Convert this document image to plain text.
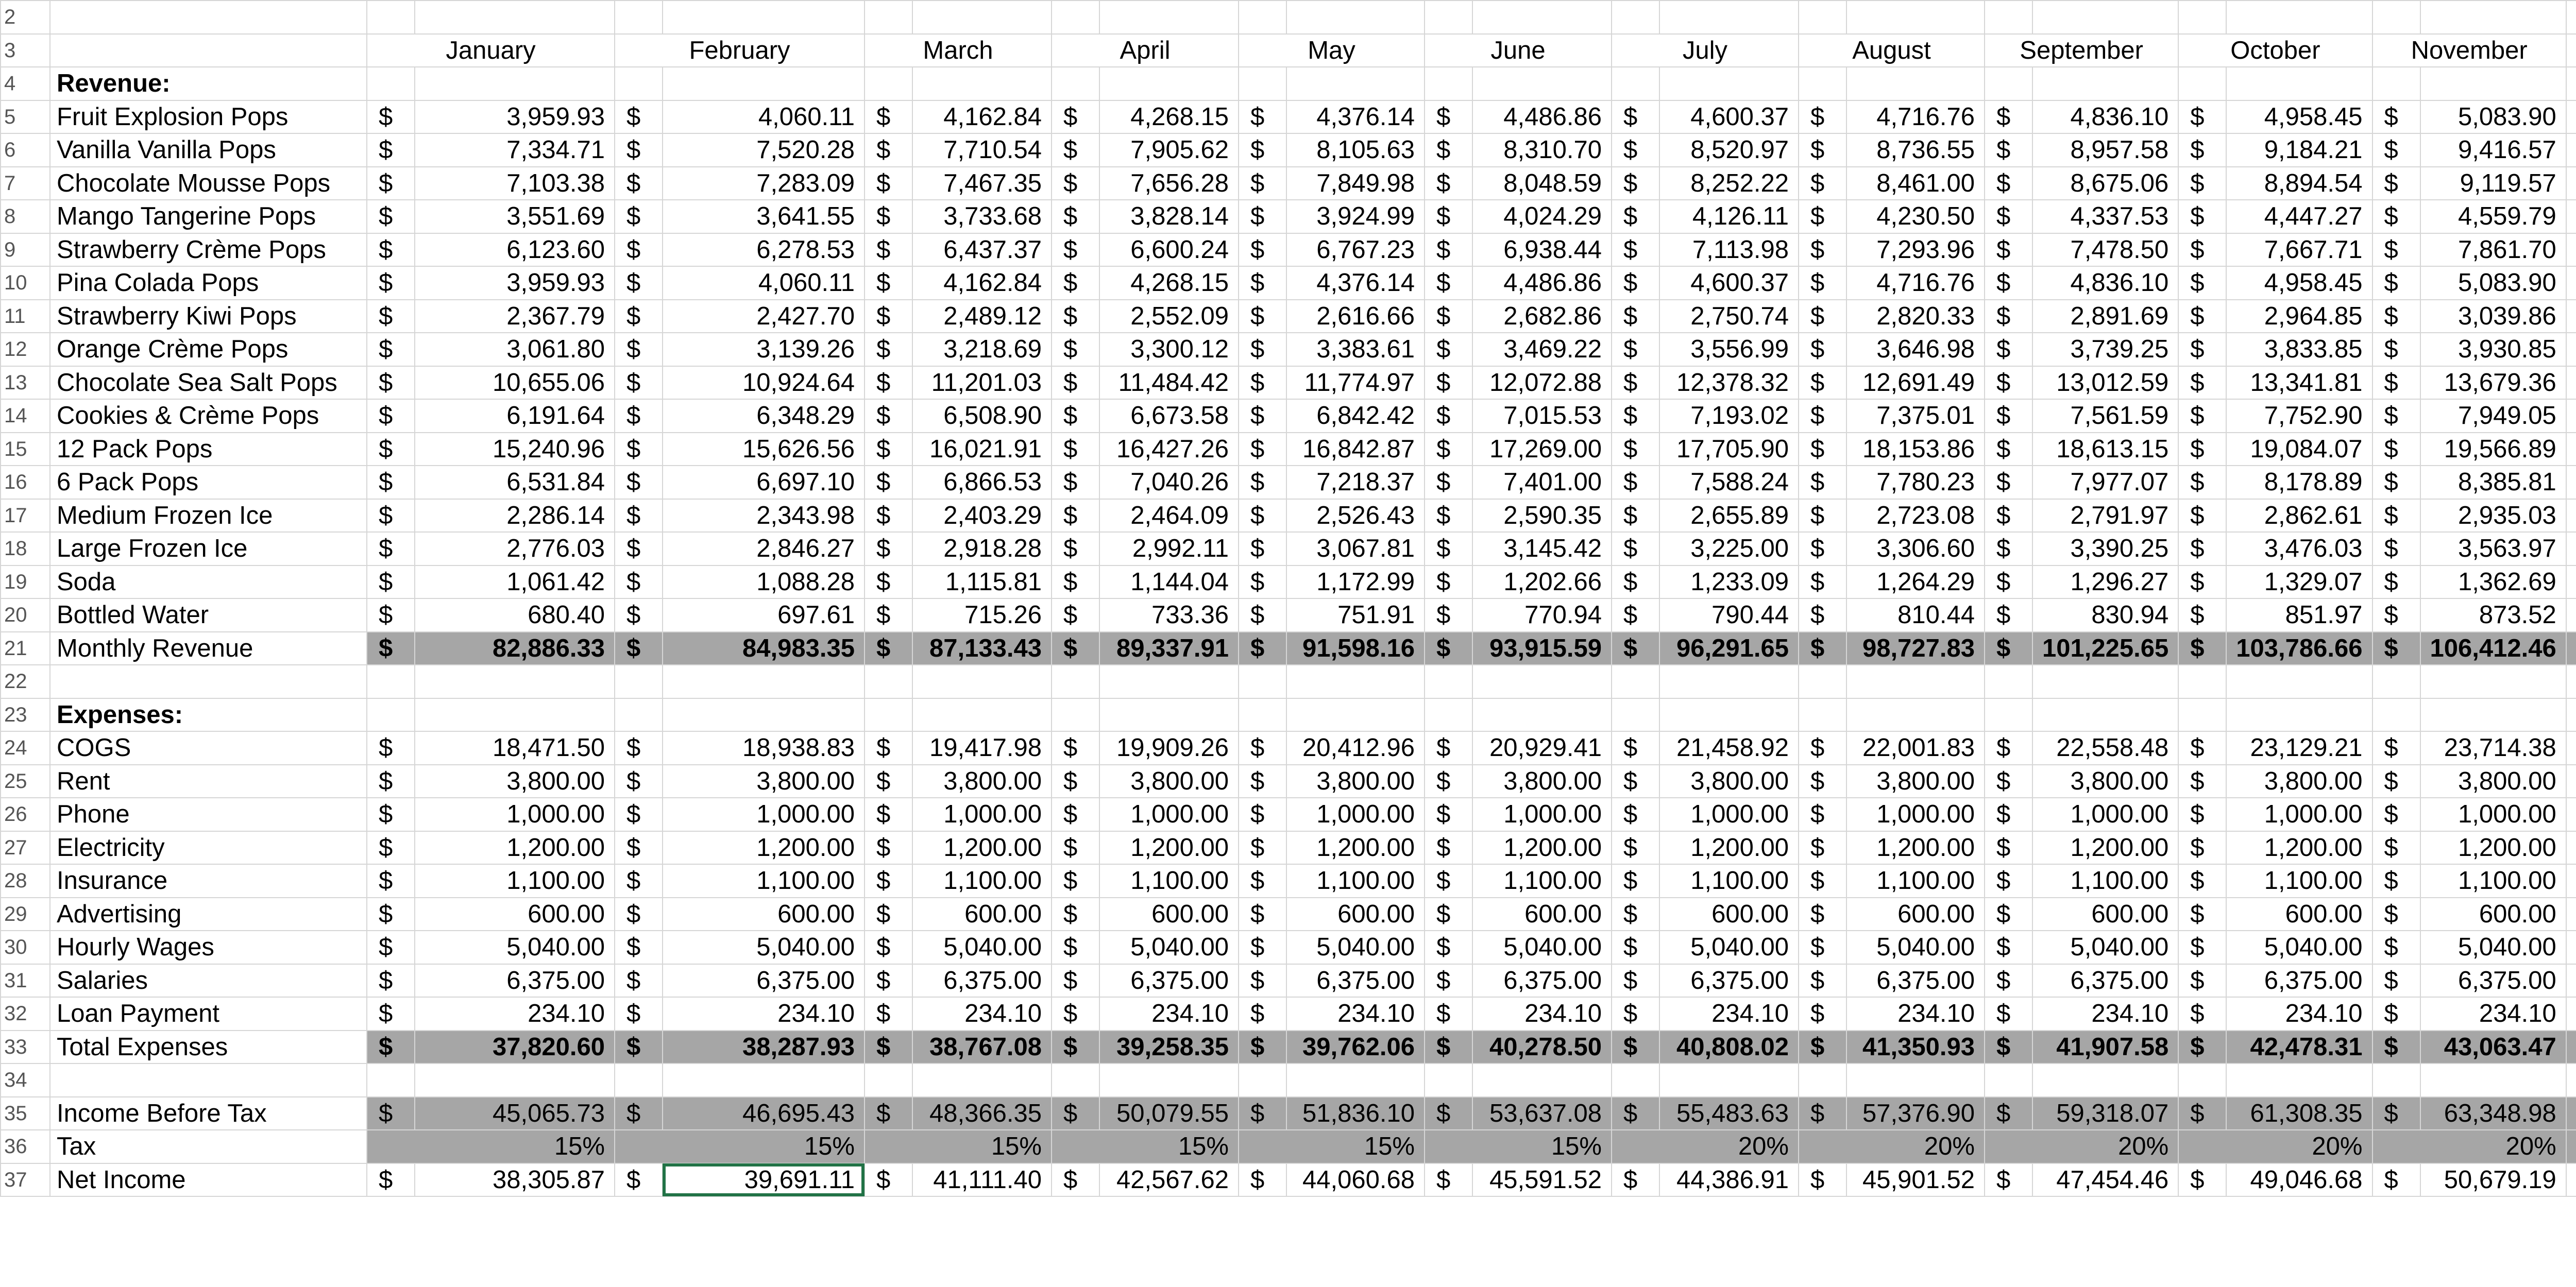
2																											
3		January		February		March		April		May		June		July		August		September		October		November		
4	Revenue:																										
5	Fruit Explosion Pops	$	3,959.93	$	4,060.11	$	4,162.84	$	4,268.15	$	4,376.14	$	4,486.86	$	4,600.37	$	4,716.76	$	4,836.10	$	4,958.45	$	5,083.90				
6	Vanilla Vanilla Pops	$	7,334.71	$	7,520.28	$	7,710.54	$	7,905.62	$	8,105.63	$	8,310.70	$	8,520.97	$	8,736.55	$	8,957.58	$	9,184.21	$	9,416.57				
7	Chocolate Mousse Pops	$	7,103.38	$	7,283.09	$	7,467.35	$	7,656.28	$	7,849.98	$	8,048.59	$	8,252.22	$	8,461.00	$	8,675.06	$	8,894.54	$	9,119.57				
8	Mango Tangerine Pops	$	3,551.69	$	3,641.55	$	3,733.68	$	3,828.14	$	3,924.99	$	4,024.29	$	4,126.11	$	4,230.50	$	4,337.53	$	4,447.27	$	4,559.79				
9	Strawberry Crème Pops	$	6,123.60	$	6,278.53	$	6,437.37	$	6,600.24	$	6,767.23	$	6,938.44	$	7,113.98	$	7,293.96	$	7,478.50	$	7,667.71	$	7,861.70				
10	Pina Colada Pops	$	3,959.93	$	4,060.11	$	4,162.84	$	4,268.15	$	4,376.14	$	4,486.86	$	4,600.37	$	4,716.76	$	4,836.10	$	4,958.45	$	5,083.90				
11	Strawberry Kiwi Pops	$	2,367.79	$	2,427.70	$	2,489.12	$	2,552.09	$	2,616.66	$	2,682.86	$	2,750.74	$	2,820.33	$	2,891.69	$	2,964.85	$	3,039.86				
12	Orange Crème Pops	$	3,061.80	$	3,139.26	$	3,218.69	$	3,300.12	$	3,383.61	$	3,469.22	$	3,556.99	$	3,646.98	$	3,739.25	$	3,833.85	$	3,930.85				
13	Chocolate Sea Salt Pops	$	10,655.06	$	10,924.64	$	11,201.03	$	11,484.42	$	11,774.97	$	12,072.88	$	12,378.32	$	12,691.49	$	13,012.59	$	13,341.81	$	13,679.36				
14	Cookies & Crème Pops	$	6,191.64	$	6,348.29	$	6,508.90	$	6,673.58	$	6,842.42	$	7,015.53	$	7,193.02	$	7,375.01	$	7,561.59	$	7,752.90	$	7,949.05				
15	12 Pack Pops	$	15,240.96	$	15,626.56	$	16,021.91	$	16,427.26	$	16,842.87	$	17,269.00	$	17,705.90	$	18,153.86	$	18,613.15	$	19,084.07	$	19,566.89				
16	6 Pack Pops	$	6,531.84	$	6,697.10	$	6,866.53	$	7,040.26	$	7,218.37	$	7,401.00	$	7,588.24	$	7,780.23	$	7,977.07	$	8,178.89	$	8,385.81				
17	Medium Frozen Ice	$	2,286.14	$	2,343.98	$	2,403.29	$	2,464.09	$	2,526.43	$	2,590.35	$	2,655.89	$	2,723.08	$	2,791.97	$	2,862.61	$	2,935.03				
18	Large Frozen Ice	$	2,776.03	$	2,846.27	$	2,918.28	$	2,992.11	$	3,067.81	$	3,145.42	$	3,225.00	$	3,306.60	$	3,390.25	$	3,476.03	$	3,563.97				
19	Soda	$	1,061.42	$	1,088.28	$	1,115.81	$	1,144.04	$	1,172.99	$	1,202.66	$	1,233.09	$	1,264.29	$	1,296.27	$	1,329.07	$	1,362.69				
20	Bottled Water	$	680.40	$	697.61	$	715.26	$	733.36	$	751.91	$	770.94	$	790.44	$	810.44	$	830.94	$	851.97	$	873.52				
21	Monthly Revenue	$	82,886.33	$	84,983.35	$	87,133.43	$	89,337.91	$	91,598.16	$	93,915.59	$	96,291.65	$	98,727.83	$	101,225.65	$	103,786.66	$	106,412.46				
22																											
23	Expenses:																										
24	COGS	$	18,471.50	$	18,938.83	$	19,417.98	$	19,909.26	$	20,412.96	$	20,929.41	$	21,458.92	$	22,001.83	$	22,558.48	$	23,129.21	$	23,714.38				
25	Rent	$	3,800.00	$	3,800.00	$	3,800.00	$	3,800.00	$	3,800.00	$	3,800.00	$	3,800.00	$	3,800.00	$	3,800.00	$	3,800.00	$	3,800.00				
26	Phone	$	1,000.00	$	1,000.00	$	1,000.00	$	1,000.00	$	1,000.00	$	1,000.00	$	1,000.00	$	1,000.00	$	1,000.00	$	1,000.00	$	1,000.00				
27	Electricity	$	1,200.00	$	1,200.00	$	1,200.00	$	1,200.00	$	1,200.00	$	1,200.00	$	1,200.00	$	1,200.00	$	1,200.00	$	1,200.00	$	1,200.00				
28	Insurance	$	1,100.00	$	1,100.00	$	1,100.00	$	1,100.00	$	1,100.00	$	1,100.00	$	1,100.00	$	1,100.00	$	1,100.00	$	1,100.00	$	1,100.00				
29	Advertising	$	600.00	$	600.00	$	600.00	$	600.00	$	600.00	$	600.00	$	600.00	$	600.00	$	600.00	$	600.00	$	600.00				
30	Hourly Wages	$	5,040.00	$	5,040.00	$	5,040.00	$	5,040.00	$	5,040.00	$	5,040.00	$	5,040.00	$	5,040.00	$	5,040.00	$	5,040.00	$	5,040.00				
31	Salaries	$	6,375.00	$	6,375.00	$	6,375.00	$	6,375.00	$	6,375.00	$	6,375.00	$	6,375.00	$	6,375.00	$	6,375.00	$	6,375.00	$	6,375.00				
32	Loan Payment	$	234.10	$	234.10	$	234.10	$	234.10	$	234.10	$	234.10	$	234.10	$	234.10	$	234.10	$	234.10	$	234.10				
33	Total Expenses	$	37,820.60	$	38,287.93	$	38,767.08	$	39,258.35	$	39,762.06	$	40,278.50	$	40,808.02	$	41,350.93	$	41,907.58	$	42,478.31	$	43,063.47				
34																											
35	Income Before Tax	$	45,065.73	$	46,695.43	$	48,366.35	$	50,079.55	$	51,836.10	$	53,637.08	$	55,483.63	$	57,376.90	$	59,318.07	$	61,308.35	$	63,348.98				
36	Tax	15%		15%		15%		15%		15%		15%		20%		20%		20%		20%		20%			
37	Net Income	$	38,305.87	$	39,691.11	$	41,111.40	$	42,567.62	$	44,060.68	$	45,591.52	$	44,386.91	$	45,901.52	$	47,454.46	$	49,046.68	$	50,679.19				
